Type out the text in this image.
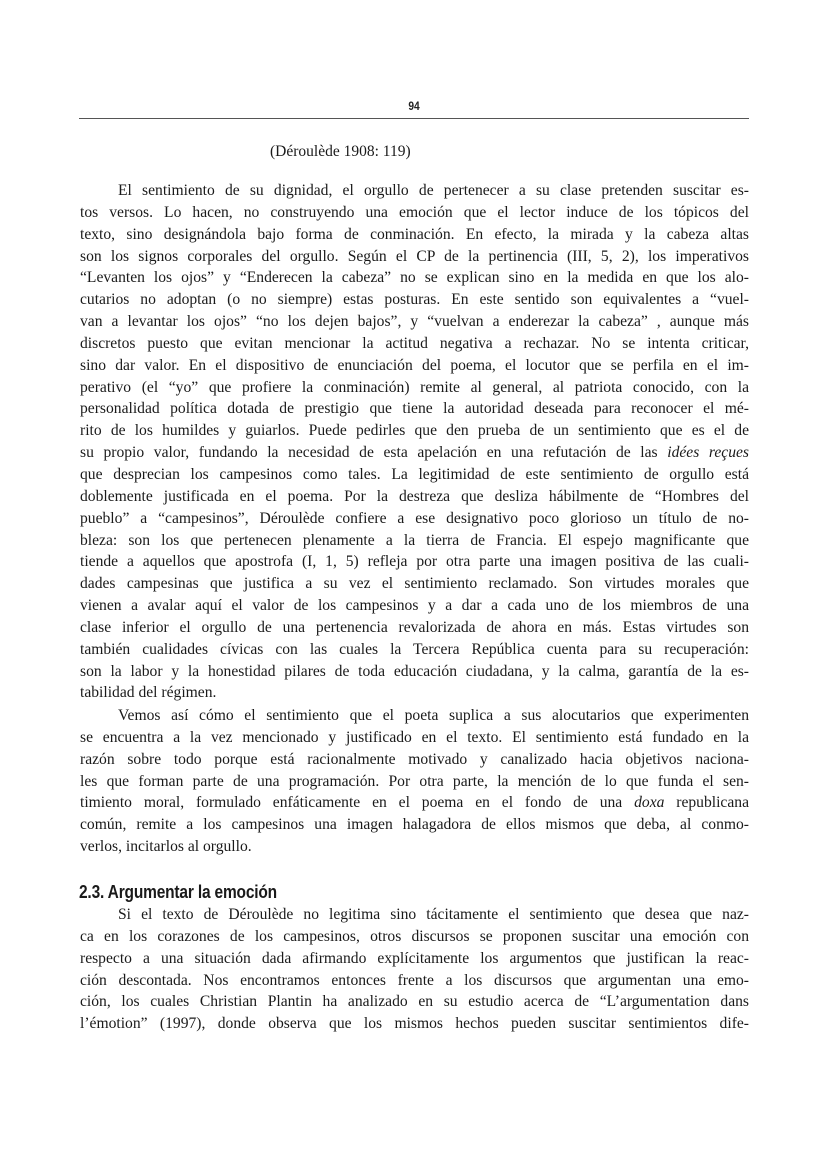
94
(Déroulède 1908: 119)
El sentimiento de su dignidad, el orgullo de pertenecer a su clase pretenden suscitar es-
tos versos. Lo hacen, no construyendo una emoción que el lector induce de los tópicos del
texto, sino designándola bajo forma de conminación. En efecto, la mirada y la cabeza altas
son los signos corporales del orgullo. Según el CP de la pertinencia (III, 5, 2), los imperativos
“Levanten los ojos” y “Enderecen la cabeza” no se explican sino en la medida en que los alo-
cutarios no adoptan (o no siempre) estas posturas. En este sentido son equivalentes a “vuel-
van a levantar los ojos” “no los dejen bajos”, y “vuelvan a enderezar la cabeza” , aunque más
discretos puesto que evitan mencionar la actitud negativa a rechazar. No se intenta criticar,
sino dar valor. En el dispositivo de enunciación del poema, el locutor que se perfila en el im-
perativo (el “yo” que profiere la conminación) remite al general, al patriota conocido, con la
personalidad política dotada de prestigio que tiene la autoridad deseada para reconocer el mé-
rito de los humildes y guiarlos. Puede pedirles que den prueba de un sentimiento que es el de
su propio valor, fundando la necesidad de esta apelación en una refutación de las idées reçues
que desprecian los campesinos como tales. La legitimidad de este sentimiento de orgullo está
doblemente justificada en el poema. Por la destreza que desliza hábilmente de “Hombres del
pueblo” a “campesinos”, Déroulède confiere a ese designativo poco glorioso un título de no-
bleza: son los que pertenecen plenamente a la tierra de Francia. El espejo magnificante que
tiende a aquellos que apostrofa (I, 1, 5) refleja por otra parte una imagen positiva de las cuali-
dades campesinas que justifica a su vez el sentimiento reclamado. Son virtudes morales que
vienen a avalar aquí el valor de los campesinos y a dar a cada uno de los miembros de una
clase inferior el orgullo de una pertenencia revalorizada de ahora en más. Estas virtudes son
también cualidades cívicas con las cuales la Tercera República cuenta para su recuperación:
son la labor y la honestidad pilares de toda educación ciudadana, y la calma, garantía de la es-
tabilidad del régimen.
Vemos así cómo el sentimiento que el poeta suplica a sus alocutarios que experimenten
se encuentra a la vez mencionado y justificado en el texto. El sentimiento está fundado en la
razón sobre todo porque está racionalmente motivado y canalizado hacia objetivos naciona-
les que forman parte de una programación. Por otra parte, la mención de lo que funda el sen-
timiento moral, formulado enfáticamente en el poema en el fondo de una doxa republicana
común, remite a los campesinos una imagen halagadora de ellos mismos que deba, al conmo-
verlos, incitarlos al orgullo.
2.3. Argumentar la emoción
Si el texto de Déroulède no legitima sino tácitamente el sentimiento que desea que naz-
ca en los corazones de los campesinos, otros discursos se proponen suscitar una emoción con
respecto a una situación dada afirmando explícitamente los argumentos que justifican la reac-
ción descontada. Nos encontramos entonces frente a los discursos que argumentan una emo-
ción, los cuales Christian Plantin ha analizado en su estudio acerca de “L’argumentation dans
l’émotion” (1997), donde observa que los mismos hechos pueden suscitar sentimientos dife-
